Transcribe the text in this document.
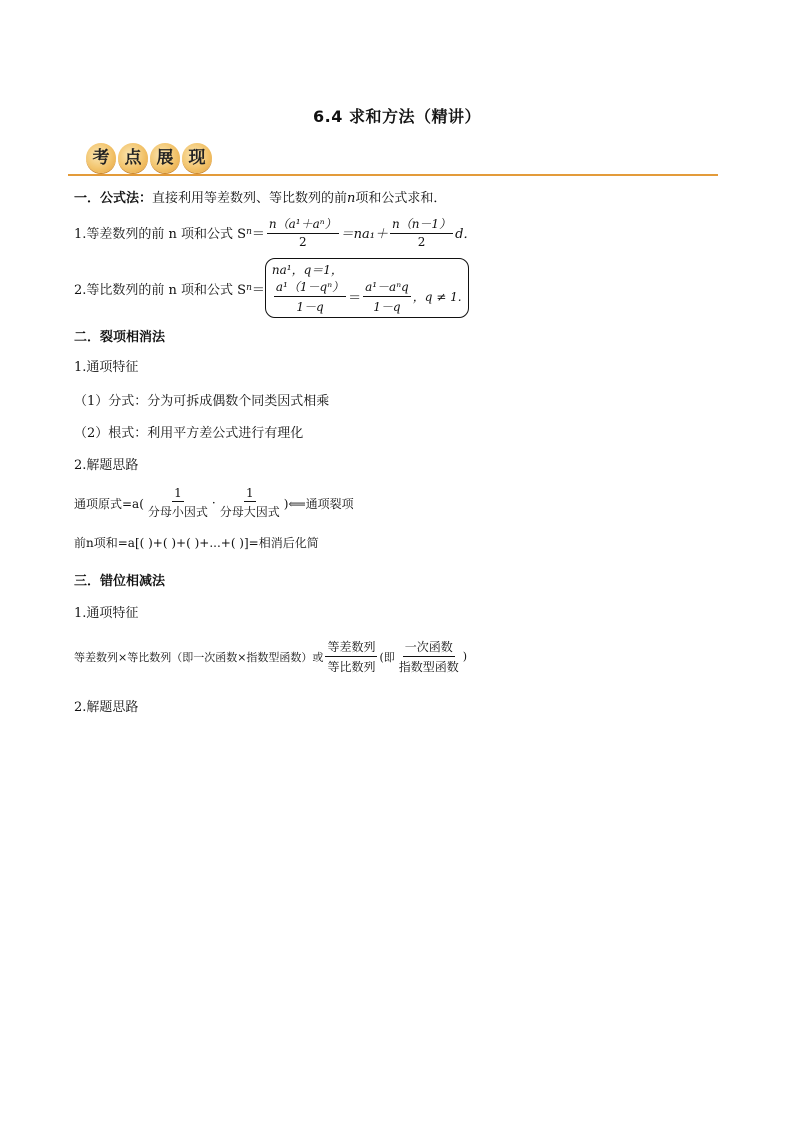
6.4 求和方法（精讲）
考 点 展 现
一．公式法：直接利用等差数列、等比数列的前n项和公式求和．
1.等差数列的前 n 项和公式 S $n = \frac{\text{n（a¹＋aⁿ）}}{2} =na_1+ \frac{n(n-1)}{2}$ d．
2.等比数列的前 n 项和公式 S n ＝
na¹，q＝1，
$\frac{\text{a¹（1－qⁿ）}}{1-q} = \frac{\text{a¹－aⁿq}}{1-q}$ ，q ≠ 1.
二．裂项相消法
1.通项特征
（1）分式：分为可拆成偶数个同类因式相乘
（2）根式：利用平方差公式进行有理化
2.解题思路
通项原式$=a( \frac{1}{\text{分母小因式}} \cdot \frac{1}{\text{分母大因式}}$ )⟸通项裂项
前n项和=a[( )+( )+( )+...+( )]=相消后化简
三．错位相减法
1.通项特征
等差数列×等比数列（即一次函数×指数型函数）或 $\frac{\text{等差数列}}{\text{等比数列}}$ (即 $\frac{\text{一次函数}}{\text{指数型函数}}$ )
2.解题思路
